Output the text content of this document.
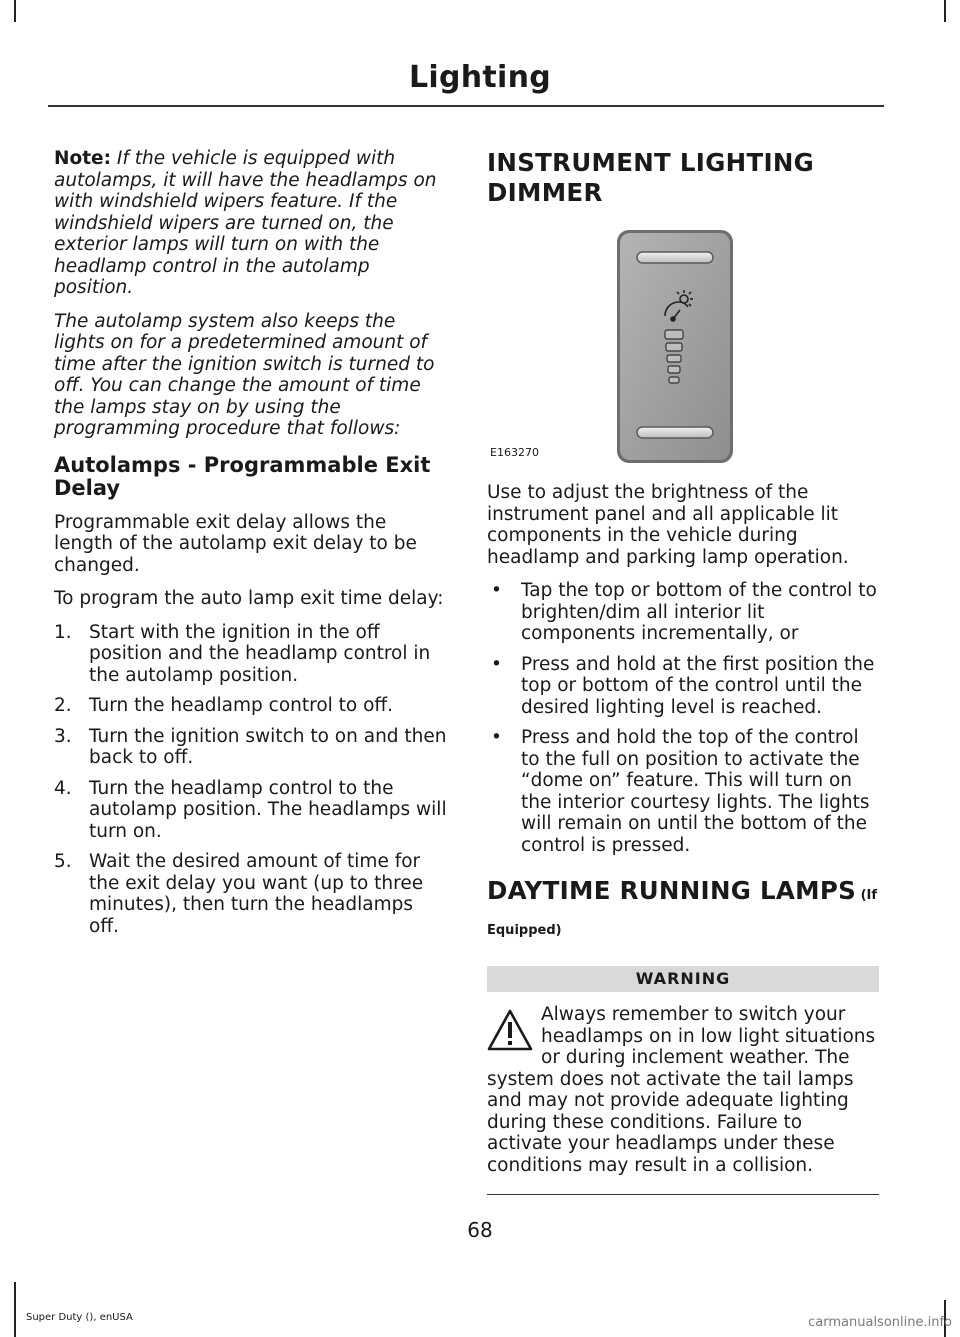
Lighting

Note: If the vehicle is equipped with autolamps, it will have the headlamps on with windshield wipers feature. If the windshield wipers are turned on, the exterior lamps will turn on with the headlamp control in the autolamp position.

The autolamp system also keeps the lights on for a predetermined amount of time after the ignition switch is turned to off. You can change the amount of time the lamps stay on by using the programming procedure that follows:

Autolamps - Programmable Exit Delay

Programmable exit delay allows the length of the autolamp exit delay to be changed.

To program the auto lamp exit time delay:

1. Start with the ignition in the off position and the headlamp control in the autolamp position.
2. Turn the headlamp control to off.
3. Turn the ignition switch to on and then back to off.
4. Turn the headlamp control to the autolamp position. The headlamps will turn on.
5. Wait the desired amount of time for the exit delay you want (up to three minutes), then turn the headlamps off.
INSTRUMENT LIGHTING
DIMMER
E163270

Use to adjust the brightness of the instrument panel and all applicable lit components in the vehicle during headlamp and parking lamp operation.

• Tap the top or bottom of the control to brighten/dim all interior lit components incrementally, or
• Press and hold at the first position the top or bottom of the control until the desired lighting level is reached.
• Press and hold the top of the control to the full on position to activate the “dome on” feature. This will turn on the interior courtesy lights. The lights will remain on until the bottom of the control is pressed.
DAYTIME RUNNING LAMPS (If Equipped)
WARNING
Always remember to switch your headlamps on in low light situations or during inclement weather. The system does not activate the tail lamps and may not provide adequate lighting during these conditions. Failure to activate your headlamps under these conditions may result in a collision.
68
Super Duty (), enUSA	carmanualsonline.info
